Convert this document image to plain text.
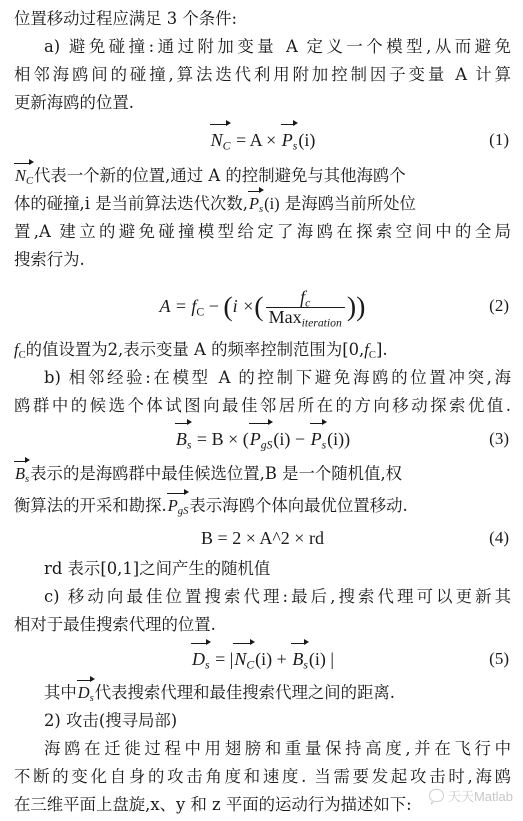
位置移动过程应满足 3 个条件:
a) 避免碰撞:通过附加变量 A 定义一个模型,从而避免
相邻海鸥间的碰撞,算法迭代利用附加控制因子变量 A 计算
更新海鸥的位置.
$N_C = A \times P_s(i)$	(1)
$N_C$代表一个新的位置,通过 A 的控制避免与其他海鸥个
体的碰撞,i 是当前算法迭代次数$,P_s(i)$ 是海鸥当前所处位
置,A 建立的避免碰撞模型给定了海鸥在探索空间中的全局
搜索行为.
$A = f_C - (i$ ×( $\frac{f_c}{Max_{iteration}}$ ))	(2)
$f_C$的值设置为2,表示变量 A 的频率控制范围为$[0,f_C]$.
b) 相邻经验:在模型 A 的控制下避免海鸥的位置冲突,海
鸥群中的候选个体试图向最佳邻居所在的方向移动探索优值.
$B_s = B \times (P_{gS}(i) - P_s(i))$	(3)
$B_s$表示的是海鸥群中最佳候选位置,B 是一个随机值,权
衡算法的开采和勘探$.P_{gS}$表示海鸥个体向最优位置移动.
B = 2 × A^2 × rd	(4)
rd 表示[0,1]之间产生的随机值
c) 移动向最佳位置搜索代理:最后,搜索代理可以更新其
相对于最佳搜索代理的位置.
$D_s = |N_C(i) + B_s(i)$ |	(5)
其中$D_s$代表搜索代理和最佳搜索代理之间的距离.
2) 攻击(搜寻局部)
海鸥在迁徙过程中用翅膀和重量保持高度,并在飞行中
不断的变化自身的攻击角度和速度. 当需要发起攻击时,海鸥
在三维平面上盘旋,x、y 和 z 平面的运动行为描述如下:	天天Matlab
